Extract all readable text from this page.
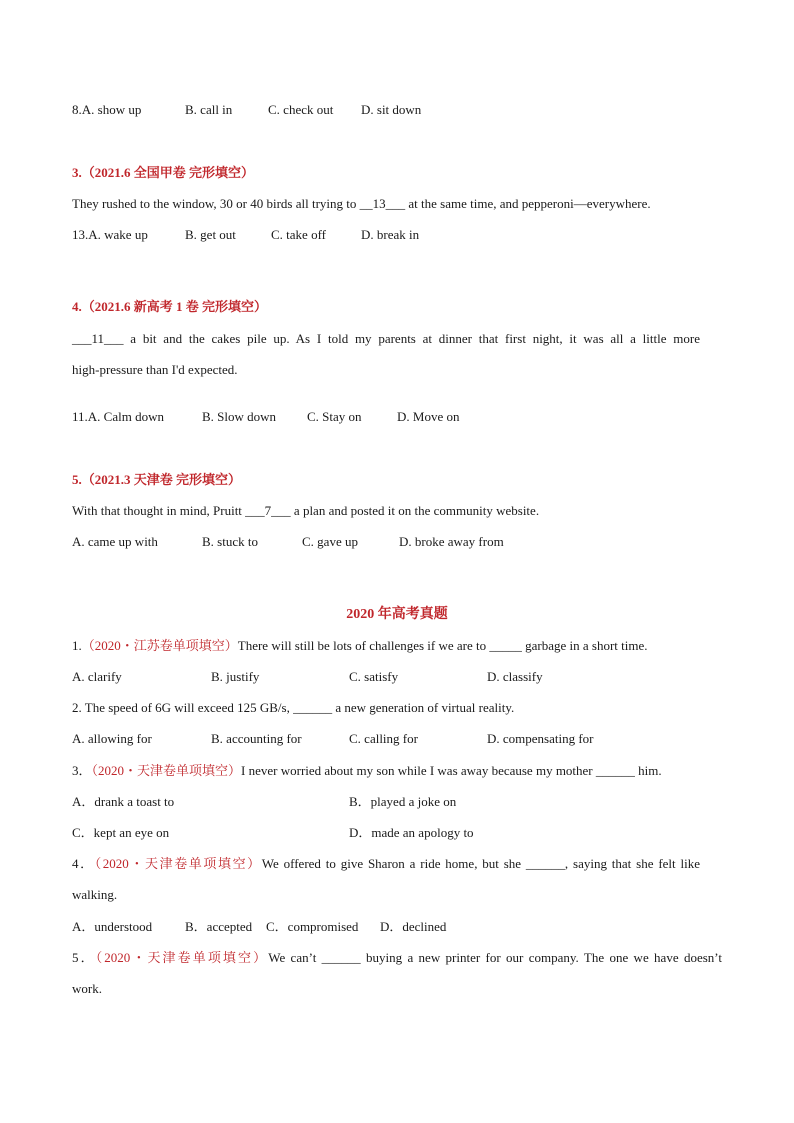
8.A. show up	B. call in	C. check out D. sit down
3.（2021.6 全国甲卷 完形填空）
They rushed to the window, 30 or 40 birds all trying to __13___ at the same time, and pepperoni—everywhere.
13.A. wake up	B. get out	C. take off	D. break in
4.（2021.6 新高考 1 卷 完形填空）
___11___ a bit and the cakes pile up. As I told my parents at dinner that first night, it was all a little more
high-pressure than I'd expected.
11.A. Calm down	B. Slow down C. Stay on	D. Move on
5.（2021.3 天津卷 完形填空）
With that thought in mind, Pruitt ___7___ a plan and posted it on the community website.
A. came up with	B. stuck to	C. gave up	D. broke away from
2020 年高考真题
1.（2020・江苏卷单项填空）There will still be lots of challenges if we are to _____ garbage in a short time.
A. clarify	B. justify	C. satisfy	D. classify
2. The speed of 6G will exceed 125 GB/s, ______ a new generation of virtual reality.
A. allowing for	B. accounting for	C. calling for	D. compensating for
3．（2020・天津卷单项填空）I never worried about my son while I was away because my mother ______ him.
A．drank a toast to	B．played a joke on
C．kept an eye on	D．made an apology to
4．（2020・天津卷单项填空）We offered to give Sharon a ride home, but she ______, saying that she felt like
walking.
A．understood	B．accepted C．compromised D．declined
5．（2020・天津卷单项填空）We can’t ______ buying a new printer for our company. The one we have doesn’t
work.
